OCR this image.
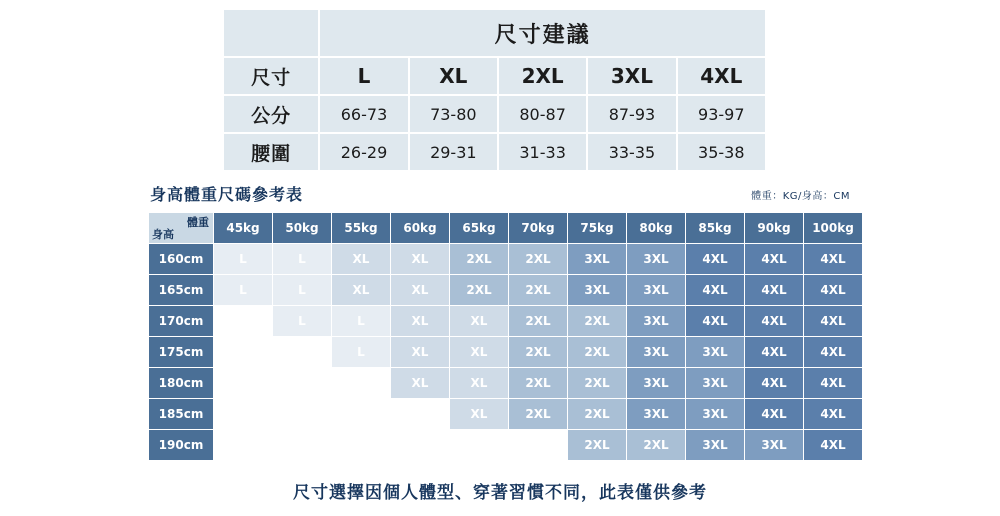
	尺寸建議				
尺寸	L	XL	2XL	3XL	4XL
公分	66-73	73-80	80-87	87-93	93-97
腰圍	26-29	29-31	31-33	33-35	35-38
身高體重尺碼參考表	體重：KG/身高：CM
體重
身高	45kg	50kg	55kg	60kg	65kg	70kg	75kg	80kg	85kg	90kg	100kg
160cm	L	L	XL	XL	2XL	2XL	3XL	3XL	4XL	4XL	4XL
165cm	L	L	XL	XL	2XL	2XL	3XL	3XL	4XL	4XL	4XL
170cm		L	L	XL	XL	2XL	2XL	3XL	4XL	4XL	4XL
175cm			L	XL	XL	2XL	2XL	3XL	3XL	4XL	4XL
180cm				XL	XL	2XL	2XL	3XL	3XL	4XL	4XL
185cm					XL	2XL	2XL	3XL	3XL	4XL	4XL
190cm							2XL	2XL	3XL	3XL	4XL
尺寸選擇因個人體型、穿著習慣不同，此表僅供參考
